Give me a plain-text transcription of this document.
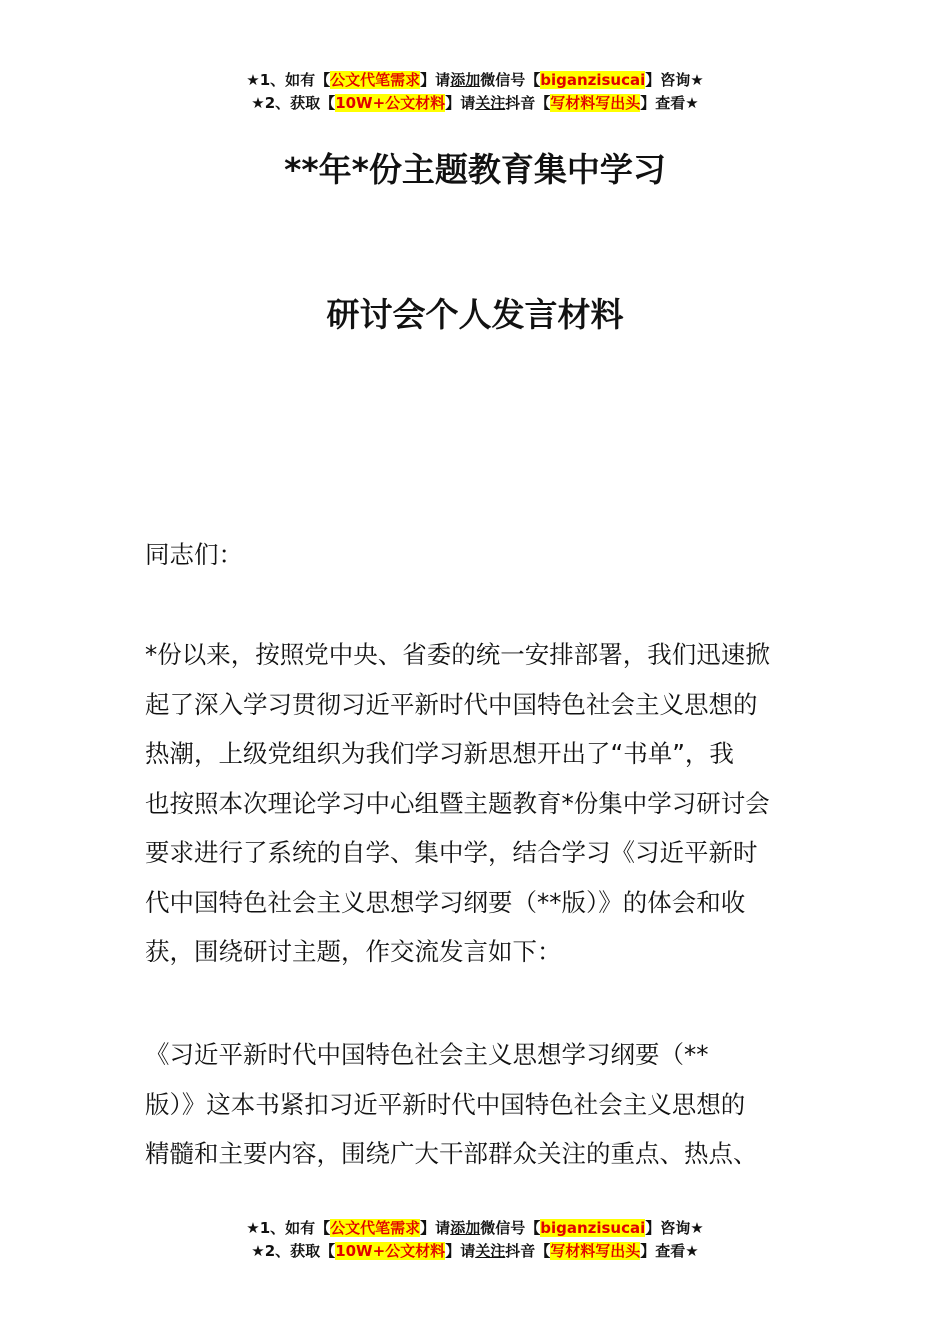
★1、如有【公文代笔需求】请添加微信号【biganzisucai】咨询★
★2、获取【10W+公文材料】请关注抖音【写材料写出头】查看★
**年*份主题教育集中学习
研讨会个人发言材料
同志们：
*份以来，按照党中央、省委的统一安排部署，我们迅速掀
起了深入学习贯彻习近平新时代中国特色社会主义思想的
热潮，上级党组织为我们学习新思想开出了“书单”，我
也按照本次理论学习中心组暨主题教育*份集中学习研讨会
要求进行了系统的自学、集中学，结合学习《习近平新时
代中国特色社会主义思想学习纲要（**版）》的体会和收
获，围绕研讨主题，作交流发言如下：
《习近平新时代中国特色社会主义思想学习纲要（**
版）》这本书紧扣习近平新时代中国特色社会主义思想的
精髓和主要内容，围绕广大干部群众关注的重点、热点、
★1、如有【公文代笔需求】请添加微信号【biganzisucai】咨询★
★2、获取【10W+公文材料】请关注抖音【写材料写出头】查看★
